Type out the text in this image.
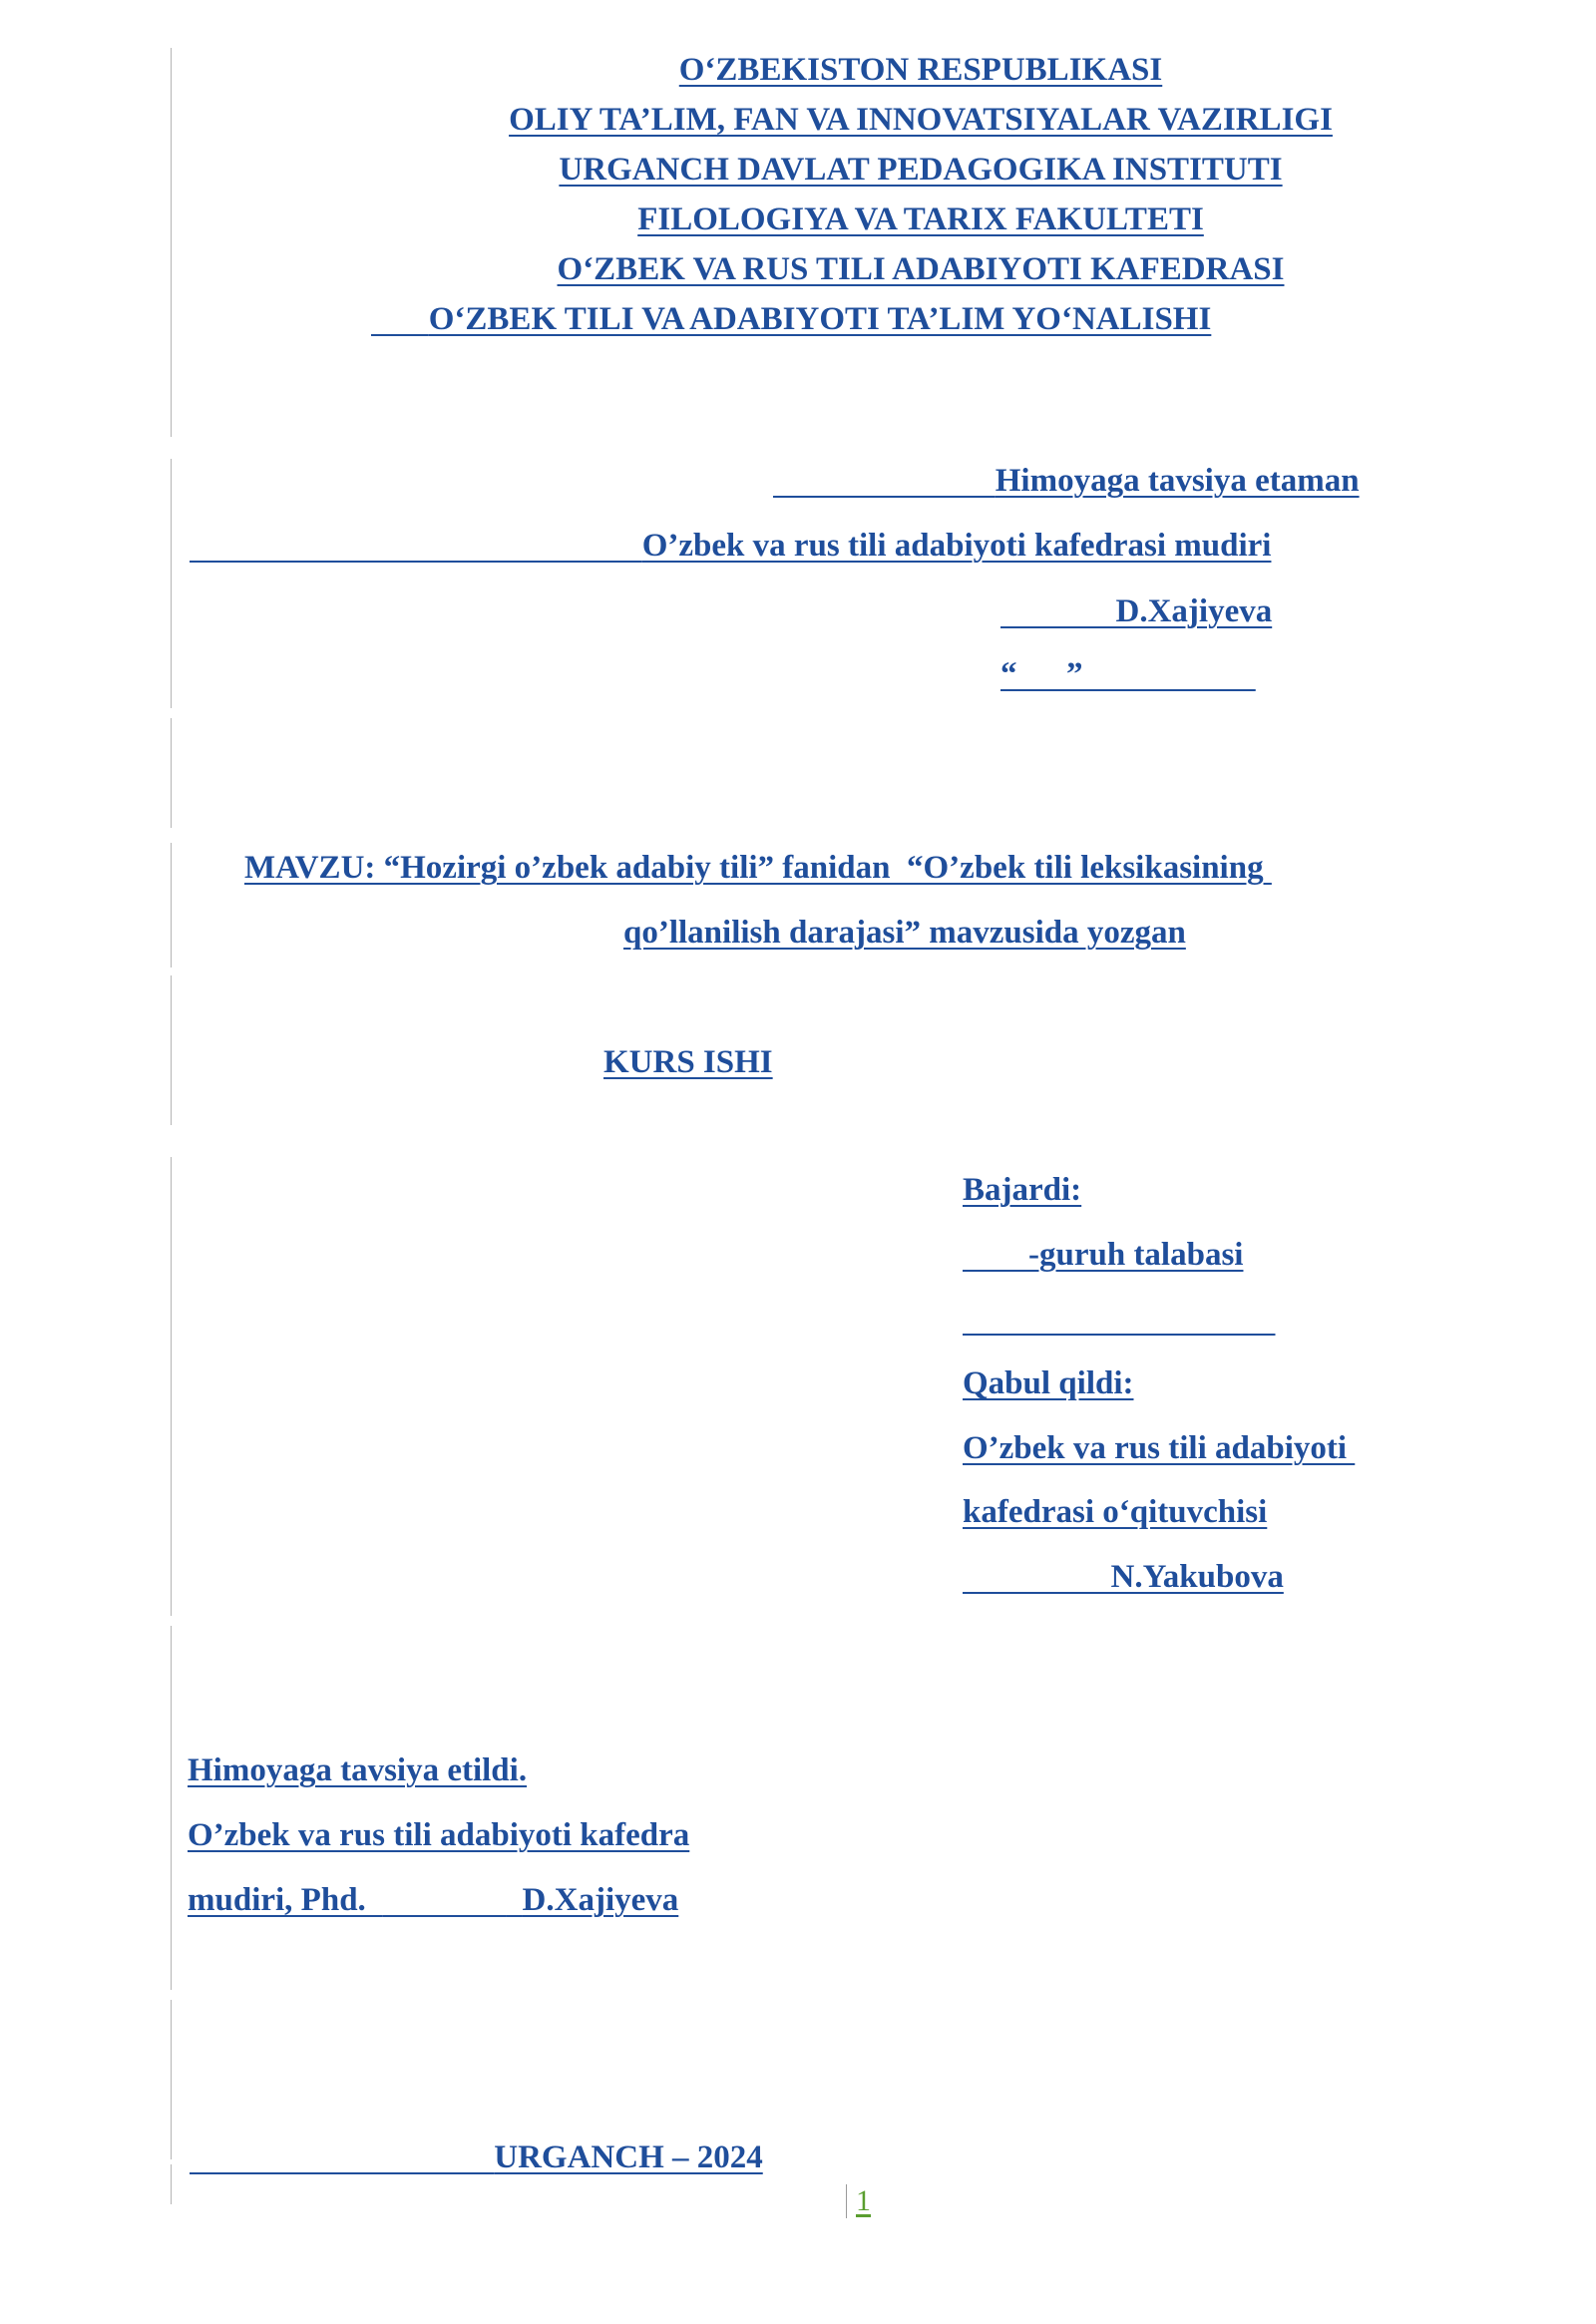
O‘ZBEKISTON RESPUBLIKASI
OLIY TA’LIM, FAN VA INNOVATSIYALAR VAZIRLIGI
URGANCH DAVLAT PEDAGOGIKA INSTITUTI
FILOLOGIYA VA TARIX FAKULTETI
O‘ZBEK VA RUS TILI ADABIYOTI KAFEDRASI
O‘ZBEK TILI VA ADABIYOTI TA’LIM YO‘NALISHI
Himoyaga tavsiya etaman
O’zbek va rus tili adabiyoti kafedrasi mudiri
D.Xajiyeva
“ ”
MAVZU: “Hozirgi o’zbek adabiy tili” fanidan  “O’zbek tili leksikasining
qo’llanilish darajasi” mavzusida yozgan
KURS ISHI
Bajardi:
-guruh talabasi

Qabul qildi:
O’zbek va rus tili adabiyoti
kafedrasi o‘qituvchisi
N.Yakubova
Himoyaga tavsiya etildi.
O’zbek va rus tili adabiyoti kafedra
mudiri, Phd.	D.Xajiyeva
URGANCH – 2024
1
